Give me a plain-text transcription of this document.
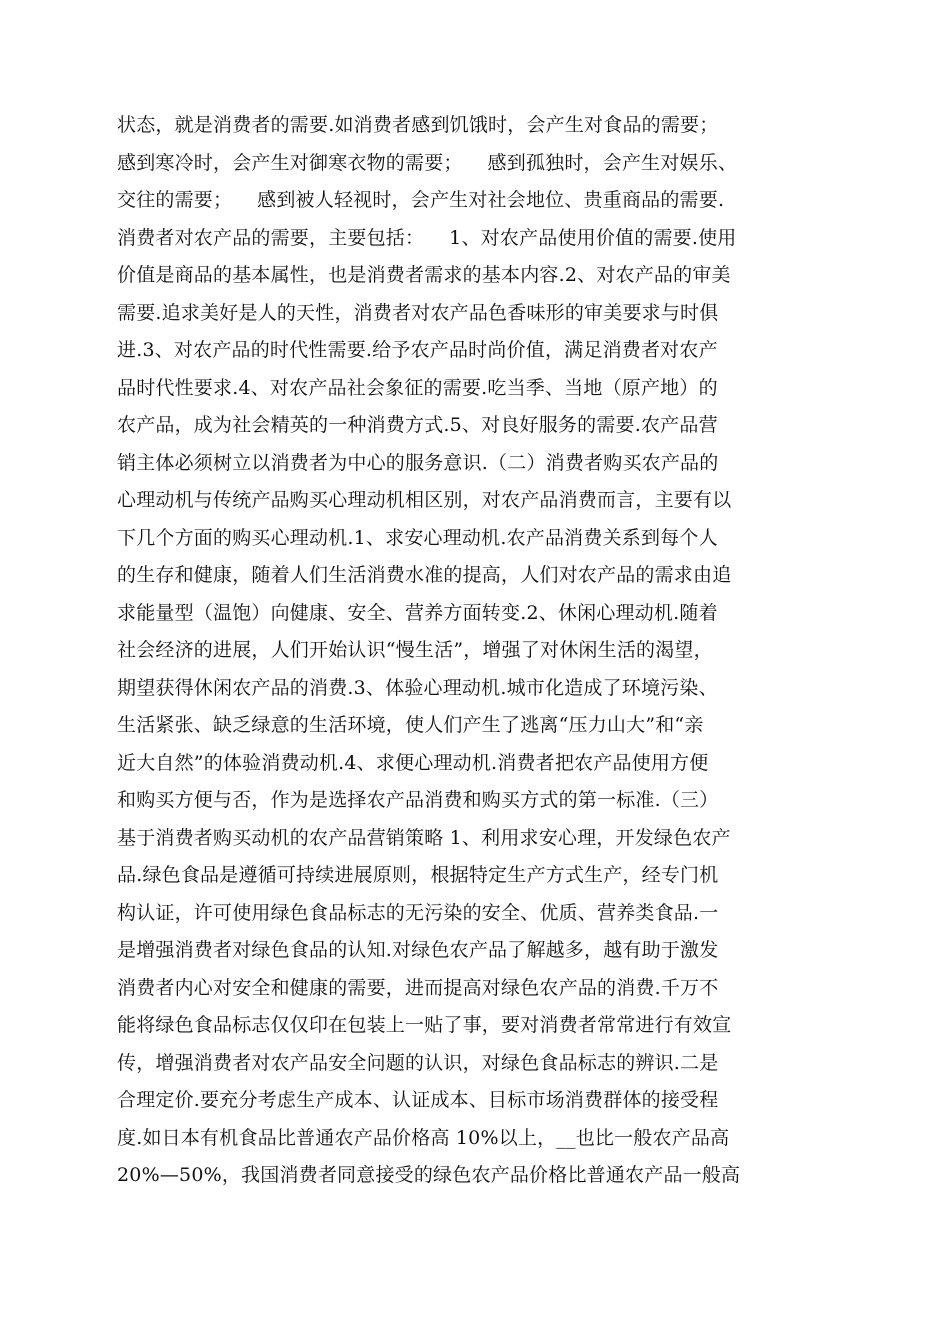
状态，就是消费者的需要.如消费者感到饥饿时，会产生对食品的需要；
感到寒冷时，会产生对御寒衣物的需要；    感到孤独时，会产生对娱乐、
交往的需要；    感到被人轻视时，会产生对社会地位、贵重商品的需要.
消费者对农产品的需要，主要包括：    1、对农产品使用价值的需要.使用
价值是商品的基本属性，也是消费者需求的基本内容.2、对农产品的审美
需要.追求美好是人的天性，消费者对农产品色香味形的审美要求与时俱
进.3、对农产品的时代性需要.给予农产品时尚价值，满足消费者对农产
品时代性要求.4、对农产品社会象征的需要.吃当季、当地（原产地）的
农产品，成为社会精英的一种消费方式.5、对良好服务的需要.农产品营
销主体必须树立以消费者为中心的服务意识.（二）消费者购买农产品的
心理动机与传统产品购买心理动机相区别，对农产品消费而言，主要有以
下几个方面的购买心理动机.1、求安心理动机.农产品消费关系到每个人
的生存和健康，随着人们生活消费水准的提高，人们对农产品的需求由追
求能量型（温饱）向健康、安全、营养方面转变.2、休闲心理动机.随着
社会经济的进展，人们开始认识“慢生活”，增强了对休闲生活的渴望，
期望获得休闲农产品的消费.3、体验心理动机.城市化造成了环境污染、
生活紧张、缺乏绿意的生活环境，使人们产生了逃离“压力山大”和“亲
近大自然”的体验消费动机.4、求便心理动机.消费者把农产品使用方便
和购买方便与否，作为是选择农产品消费和购买方式的第一标准.（三）
基于消费者购买动机的农产品营销策略 1、利用求安心理，开发绿色农产
品.绿色食品是遵循可持续进展原则，根据特定生产方式生产，经专门机
构认证，许可使用绿色食品标志的无污染的安全、优质、营养类食品.一
是增强消费者对绿色食品的认知.对绿色农产品了解越多，越有助于激发
消费者内心对安全和健康的需要，进而提高对绿色农产品的消费.千万不
能将绿色食品标志仅仅印在包装上一贴了事，要对消费者常常进行有效宣
传，增强消费者对农产品安全问题的认识，对绿色食品标志的辨识.二是
合理定价.要充分考虑生产成本、认证成本、目标市场消费群体的接受程
度.如日本有机食品比普通农产品价格高 10%以上，__也比一般农产品高
20%—50%，我国消费者同意接受的绿色农产品价格比普通农产品一般高
